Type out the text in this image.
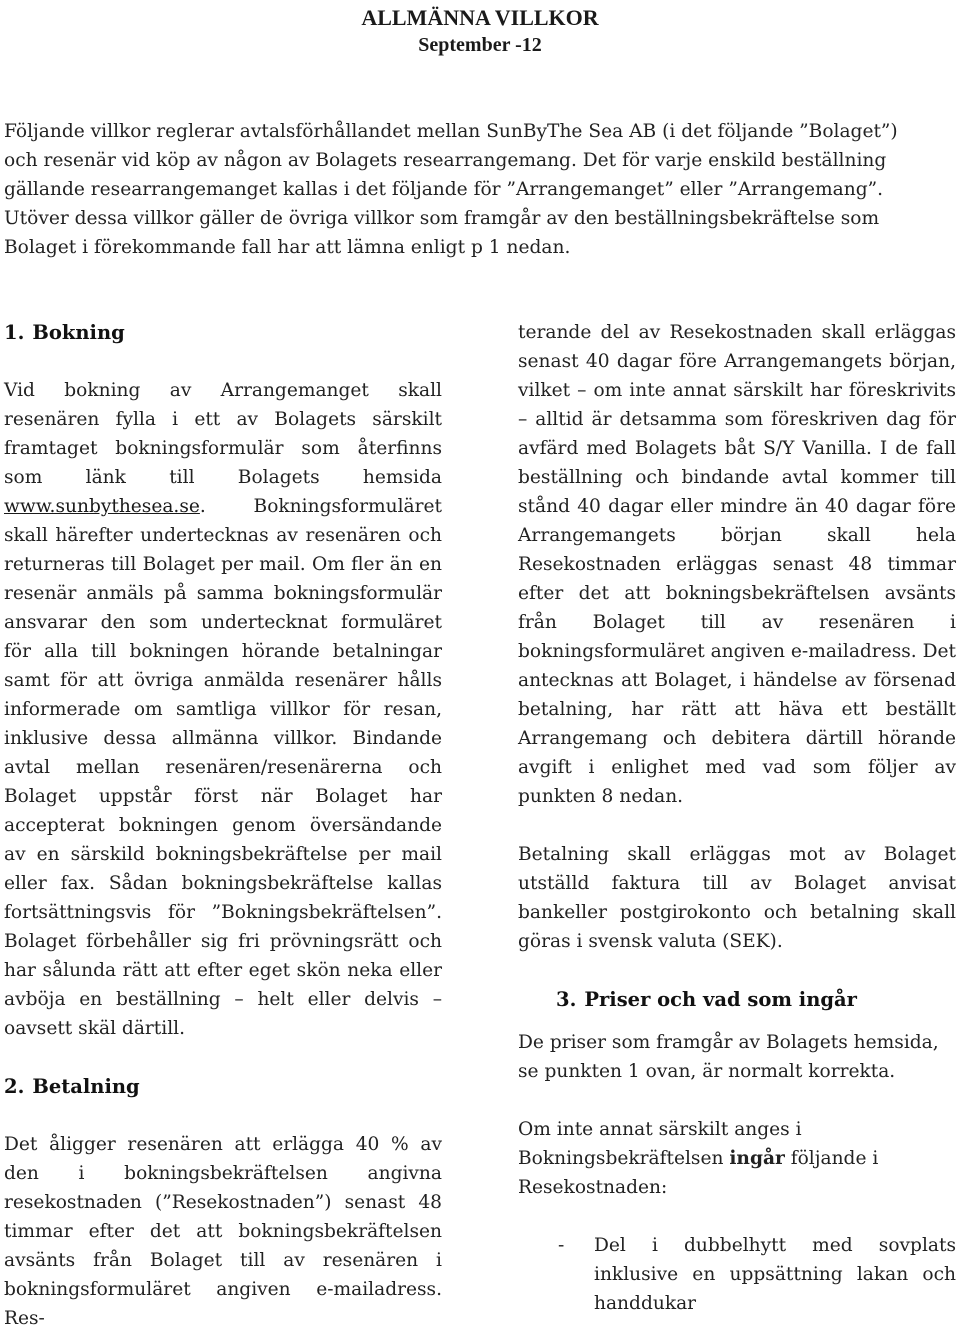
ALLMÄNNA VILLKOR
September -12

Följande villkor reglerar avtalsförhållandet mellan SunByThe Sea AB (i det följande ”Bolaget”) och resenär vid köp av någon av Bolagets researrangemang. Det för varje enskild beställning gällande researrangemanget kallas i det följande för ”Arrangemanget” eller ”Arrangemang”. Utöver dessa villkor gäller de övriga villkor som framgår av den beställningsbekräftelse som Bolaget i förekommande fall har att lämna enligt p 1 nedan.

1. Bokning

Vid bokning av Arrangemanget skall resenären fylla i ett av Bolagets särskilt framtaget bokningsformulär som återfinns som länk till Bolagets hemsida www.sunbythesea.se. Bokningsformuläret skall härefter undertecknas av resenären och returneras till Bolaget per mail. Om fler än en resenär anmäls på samma bokningsformulär ansvarar den som undertecknat formuläret för alla till bokningen hörande betalningar samt för att övriga anmälda resenärer hålls informerade om samtliga villkor för resan, inklusive dessa allmänna villkor. Bindande avtal mellan resenären/resenärerna och Bolaget uppstår först när Bolaget har accepterat bokningen genom översändande av en särskild bokningsbekräftelse per mail eller fax. Sådan bokningsbekräftelse kallas fortsättningsvis för ”Bokningsbekräftelsen”. Bolaget förbehåller sig fri prövningsrätt och har sålunda rätt att efter eget skön neka eller avböja en beställning – helt eller delvis – oavsett skäl därtill.

2. Betalning

Det åligger resenären att erlägga 40 % av den i bokningsbekräftelsen angivna resekostnaden (”Resekostnaden”) senast 48 timmar efter det att bokningsbekräftelsen avsänts från Bolaget till av resenären i bokningsformuläret angiven e-mailadress. Res-

terande del av Resekostnaden skall erläggas senast 40 dagar före Arrangemangets början, vilket – om inte annat särskilt har föreskrivits – alltid är detsamma som föreskriven dag för avfärd med Bolagets båt S/Y Vanilla. I de fall beställning och bindande avtal kommer till stånd 40 dagar eller mindre än 40 dagar före Arrangemangets början skall hela Resekostnaden erläggas senast 48 timmar efter det att bokningsbekräftelsen avsänts från Bolaget till av resenären i bokningsformuläret angiven e-mailadress. Det antecknas att Bolaget, i händelse av försenad betalning, har rätt att häva ett beställt Arrangemang och debitera därtill hörande avgift i enlighet med vad som följer av punkten 8 nedan.

Betalning skall erläggas mot av Bolaget utställd faktura till av Bolaget anvisat bankeller postgirokonto och betalning skall göras i svensk valuta (SEK).

3. Priser och vad som ingår

De priser som framgår av Bolagets hemsida, se punkten 1 ovan, är normalt korrekta.

Om inte annat särskilt anges i Bokningsbekräftelsen ingår följande i Resekostnaden:

- Del i dubbelhytt med sovplats inklusive en uppsättning lakan och handdukar
